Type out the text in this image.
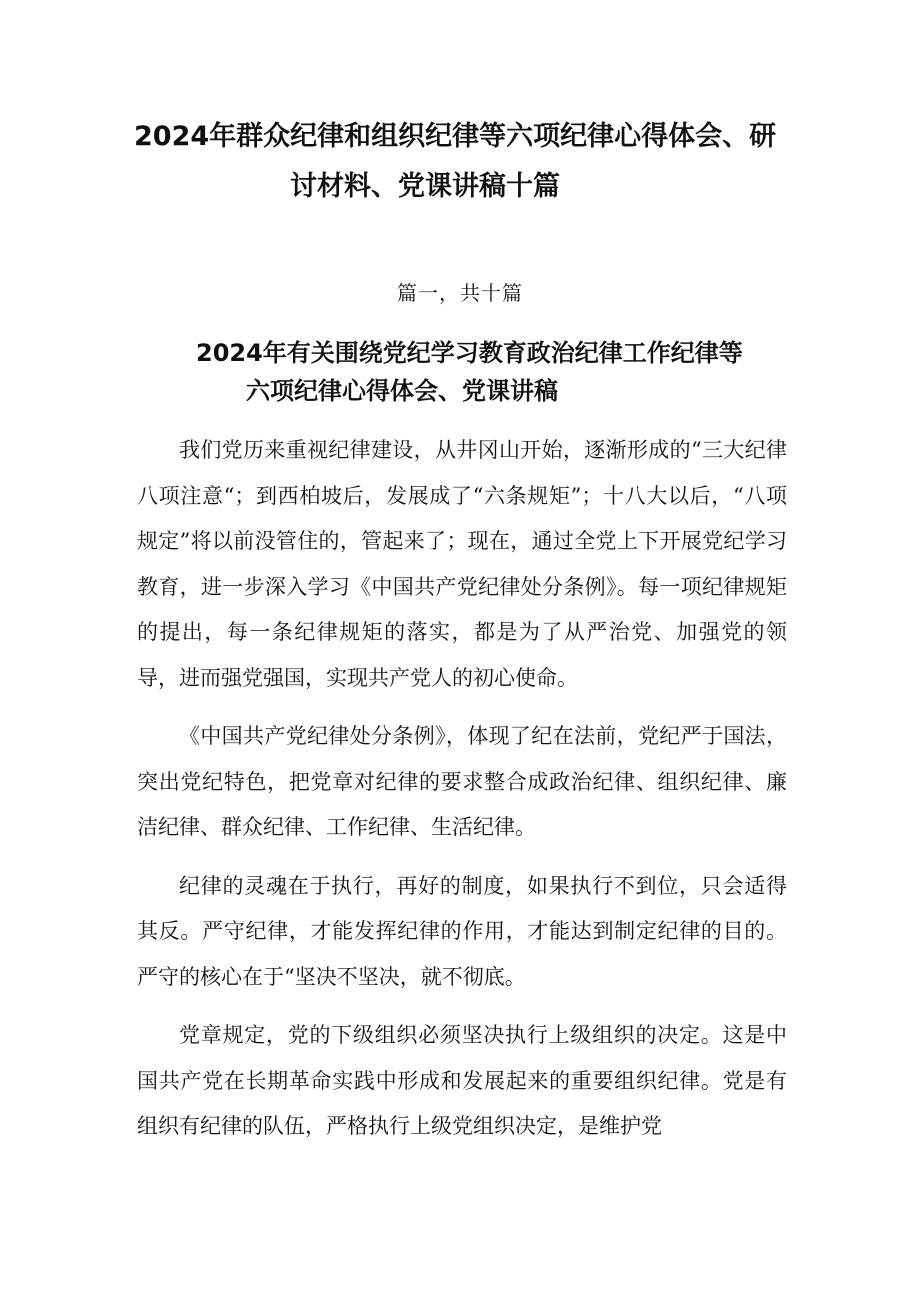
2024年群众纪律和组织纪律等六项纪律心得体会、研
讨材料、党课讲稿十篇
篇一，共十篇
2024年有关围绕党纪学习教育政治纪律工作纪律等
六项纪律心得体会、党课讲稿

我们党历来重视纪律建设，从井冈山开始，逐渐形成的“三大纪律八项注意“；到西柏坡后，发展成了“六条规矩”；十八大以后，“八项规定”将以前没管住的，管起来了；现在，通过全党上下开展党纪学习教育，进一步深入学习《中国共产党纪律处分条例》。每一项纪律规矩的提出，每一条纪律规矩的落实，都是为了从严治党、加强党的领导，进而强党强国，实现共产党人的初心使命。

《中国共产党纪律处分条例》，体现了纪在法前，党纪严于国法，突出党纪特色，把党章对纪律的要求整合成政治纪律、组织纪律、廉洁纪律、群众纪律、工作纪律、生活纪律。

纪律的灵魂在于执行，再好的制度，如果执行不到位，只会适得其反。严守纪律，才能发挥纪律的作用，才能达到制定纪律的目的。严守的核心在于“坚决不坚决，就不彻底。

党章规定，党的下级组织必须坚决执行上级组织的决定。这是中国共产党在长期革命实践中形成和发展起来的重要组织纪律。党是有组织有纪律的队伍，严格执行上级党组织决定，是维护党
